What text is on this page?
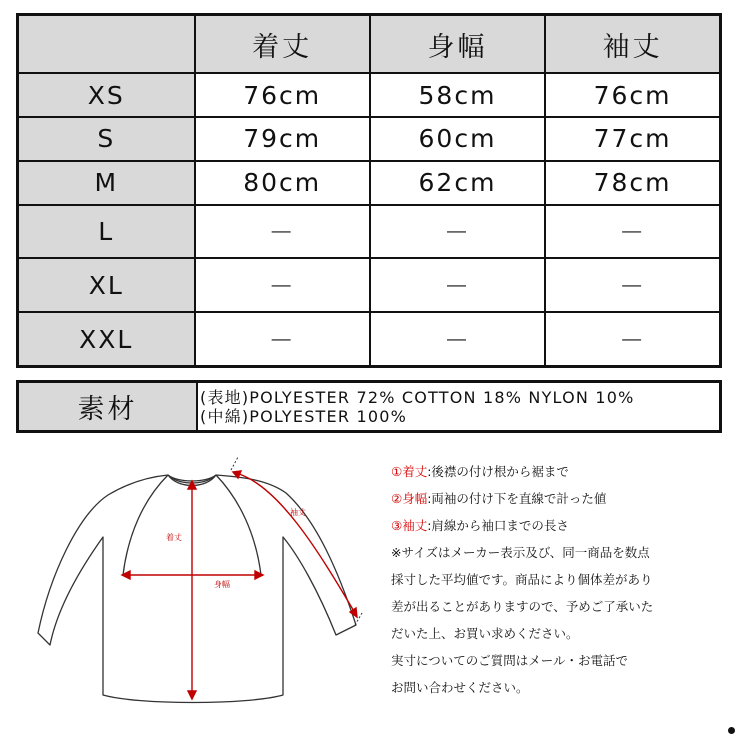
	着丈	身幅	袖丈
XS	76cm	58cm	76cm
S	79cm	60cm	77cm
M	80cm	62cm	78cm
L	－	－	－
XL	－	－	－
XXL	－	－	－
素材	(表地)POLYESTER 72% COTTON 18% NYLON 10%
(中綿)POLYESTER 100%
着丈
身幅
袖丈
①着丈:後襟の付け根から裾まで
②身幅:両袖の付け下を直線で計った値
③袖丈:肩線から袖口までの長さ
※サイズはメーカー表示及び、同一商品を数点
採寸した平均値です。商品により個体差があり
差が出ることがありますので、予めご了承いた
だいた上、お買い求めください。
実寸についてのご質問はメール・お電話で
お問い合わせください。
